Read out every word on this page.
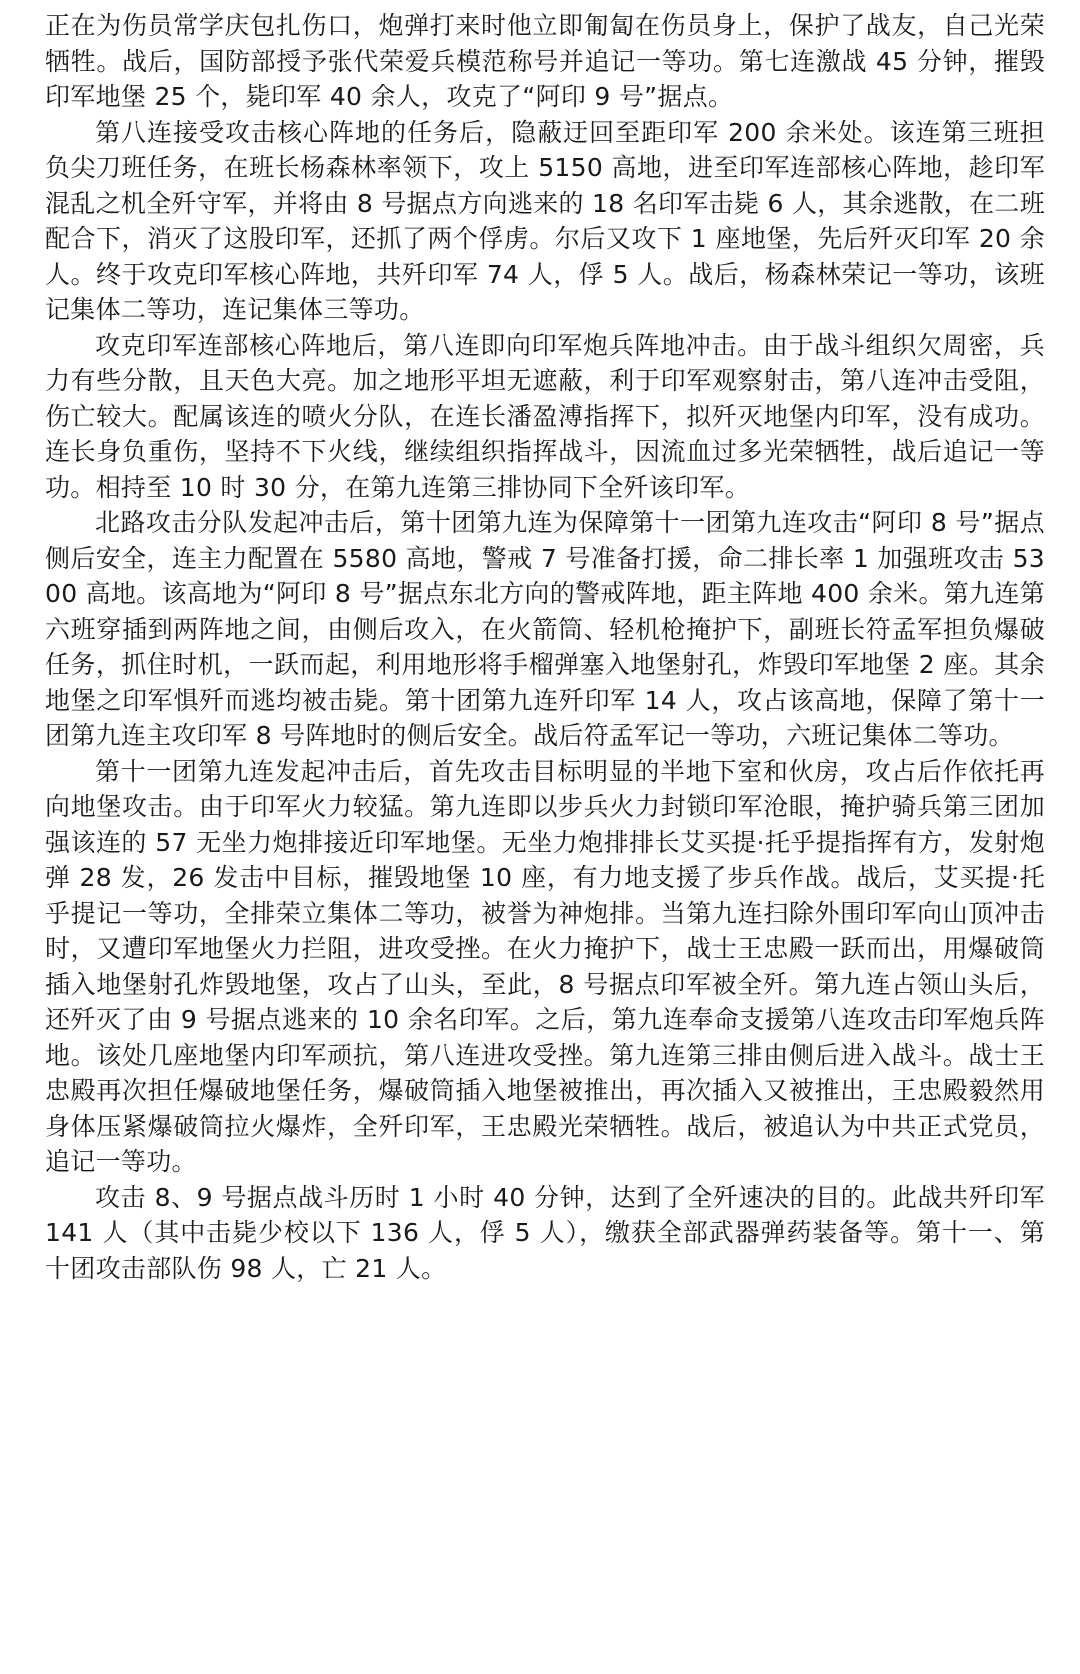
正在为伤员常学庆包扎伤口，炮弹打来时他立即匍匐在伤员身上，保护了战友，自己光荣牺牲。战后，国防部授予张代荣爱兵模范称号并追记一等功。第七连激战 45 分钟，摧毁印军地堡 25 个，毙印军 40 余人，攻克了“阿印 9 号”据点。

第八连接受攻击核心阵地的任务后，隐蔽迂回至距印军 200 余米处。该连第三班担负尖刀班任务，在班长杨森林率领下，攻上 5150 高地，进至印军连部核心阵地，趁印军混乱之机全歼守军，并将由 8 号据点方向逃来的 18 名印军击毙 6 人，其余逃散，在二班配合下，消灭了这股印军，还抓了两个俘虏。尔后又攻下 1 座地堡，先后歼灭印军 20 余人。终于攻克印军核心阵地，共歼印军 74 人，俘 5 人。战后，杨森林荣记一等功，该班记集体二等功，连记集体三等功。

攻克印军连部核心阵地后，第八连即向印军炮兵阵地冲击。由于战斗组织欠周密，兵力有些分散，且天色大亮。加之地形平坦无遮蔽，利于印军观察射击，第八连冲击受阻，伤亡较大。配属该连的喷火分队，在连长潘盈溥指挥下，拟歼灭地堡内印军，没有成功。连长身负重伤，坚持不下火线，继续组织指挥战斗，因流血过多光荣牺牲，战后追记一等功。相持至 10 时 30 分，在第九连第三排协同下全歼该印军。

北路攻击分队发起冲击后，第十团第九连为保障第十一团第九连攻击“阿印 8 号”据点侧后安全，连主力配置在 5580 高地，警戒 7 号准备打援，命二排长率 1 加强班攻击 5300 高地。该高地为“阿印 8 号”据点东北方向的警戒阵地，距主阵地 400 余米。第九连第六班穿插到两阵地之间，由侧后攻入，在火箭筒、轻机枪掩护下，副班长符孟军担负爆破任务，抓住时机，一跃而起，利用地形将手榴弹塞入地堡射孔，炸毁印军地堡 2 座。其余地堡之印军惧歼而逃均被击毙。第十团第九连歼印军 14 人，攻占该高地，保障了第十一团第九连主攻印军 8 号阵地时的侧后安全。战后符孟军记一等功，六班记集体二等功。

第十一团第九连发起冲击后，首先攻击目标明显的半地下室和伙房，攻占后作依托再向地堡攻击。由于印军火力较猛。第九连即以步兵火力封锁印军沧眼，掩护骑兵第三团加强该连的 57 无坐力炮排接近印军地堡。无坐力炮排排长艾买提·托乎提指挥有方，发射炮弹 28 发，26 发击中目标，摧毁地堡 10 座，有力地支援了步兵作战。战后，艾买提·托乎提记一等功，全排荣立集体二等功，被誉为神炮排。当第九连扫除外围印军向山顶冲击时，又遭印军地堡火力拦阻，进攻受挫。在火力掩护下，战士王忠殿一跃而出，用爆破筒插入地堡射孔炸毁地堡，攻占了山头，至此，8 号据点印军被全歼。第九连占领山头后，还歼灭了由 9 号据点逃来的 10 余名印军。之后，第九连奉命支援第八连攻击印军炮兵阵地。该处几座地堡内印军顽抗，第八连进攻受挫。第九连第三排由侧后进入战斗。战士王忠殿再次担任爆破地堡任务，爆破筒插入地堡被推出，再次插入又被推出，王忠殿毅然用身体压紧爆破筒拉火爆炸，全歼印军，王忠殿光荣牺牲。战后，被追认为中共正式党员，追记一等功。

攻击 8、9 号据点战斗历时 1 小时 40 分钟，达到了全歼速决的目的。此战共歼印军 141 人（其中击毙少校以下 136 人，俘 5 人），缴获全部武器弹药装备等。第十一、第十团攻击部队伤 98 人，亡 21 人。
